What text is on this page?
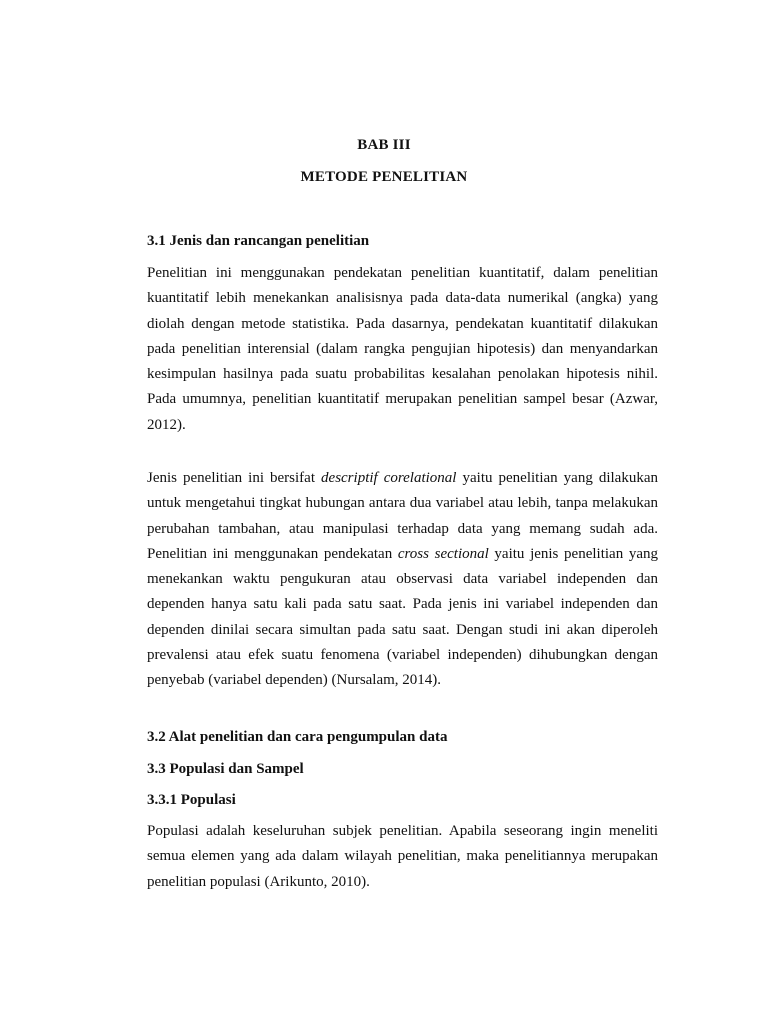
BAB III
METODE PENELITIAN
3.1 Jenis dan rancangan penelitian
Penelitian ini menggunakan pendekatan penelitian kuantitatif, dalam penelitian kuantitatif lebih menekankan analisisnya pada data-data numerikal (angka) yang diolah dengan metode statistika. Pada dasarnya, pendekatan kuantitatif dilakukan pada penelitian interensial (dalam rangka pengujian hipotesis) dan menyandarkan kesimpulan hasilnya pada suatu probabilitas kesalahan penolakan hipotesis nihil. Pada umumnya, penelitian kuantitatif merupakan penelitian sampel besar (Azwar, 2012).
Jenis penelitian ini bersifat descriptif corelational yaitu penelitian yang dilakukan untuk mengetahui tingkat hubungan antara dua variabel atau lebih, tanpa melakukan perubahan tambahan, atau manipulasi terhadap data yang memang sudah ada. Penelitian ini menggunakan pendekatan cross sectional yaitu jenis penelitian yang menekankan waktu pengukuran atau observasi data variabel independen dan dependen hanya satu kali pada satu saat. Pada jenis ini variabel independen dan dependen dinilai secara simultan pada satu saat. Dengan studi ini akan diperoleh prevalensi atau efek suatu fenomena (variabel independen) dihubungkan dengan penyebab (variabel dependen) (Nursalam, 2014).
3.2 Alat penelitian dan cara pengumpulan data
3.3 Populasi dan Sampel
3.3.1 Populasi
Populasi adalah keseluruhan subjek penelitian. Apabila seseorang ingin meneliti semua elemen yang ada dalam wilayah penelitian, maka penelitiannya merupakan penelitian populasi (Arikunto, 2010).
